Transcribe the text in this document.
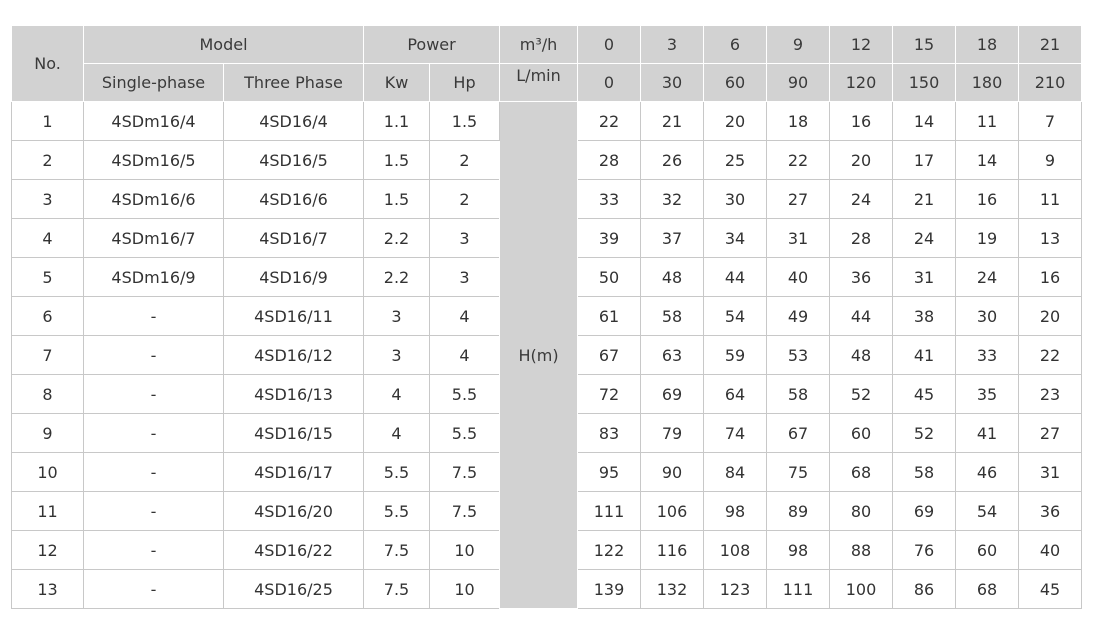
No.	Model		Power		m³/h	0	3	6	9	12	15	18	21
	Single-phase	Three Phase	Kw	Hp	L/min	0	30	60	90	120	150	180	210
1	4SDm16/4	4SD16/4	1.1	1.5	H(m)	22	21	20	18	16	14	11	7
2	4SDm16/5	4SD16/5	1.5	2		28	26	25	22	20	17	14	9
3	4SDm16/6	4SD16/6	1.5	2		33	32	30	27	24	21	16	11
4	4SDm16/7	4SD16/7	2.2	3		39	37	34	31	28	24	19	13
5	4SDm16/9	4SD16/9	2.2	3		50	48	44	40	36	31	24	16
6	-	4SD16/11	3	4		61	58	54	49	44	38	30	20
7	-	4SD16/12	3	4		67	63	59	53	48	41	33	22
8	-	4SD16/13	4	5.5		72	69	64	58	52	45	35	23
9	-	4SD16/15	4	5.5		83	79	74	67	60	52	41	27
10	-	4SD16/17	5.5	7.5		95	90	84	75	68	58	46	31
11	-	4SD16/20	5.5	7.5		111	106	98	89	80	69	54	36
12	-	4SD16/22	7.5	10		122	116	108	98	88	76	60	40
13	-	4SD16/25	7.5	10		139	132	123	111	100	86	68	45
